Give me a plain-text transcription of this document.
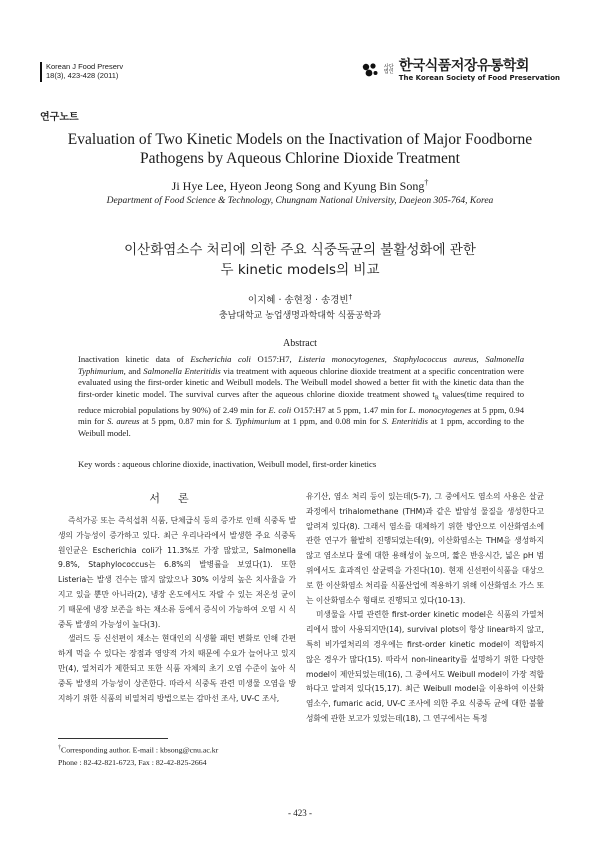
Korean J Food Preserv
18(3), 423-428 (2011)
사단법인 한국식품저장유통학회
The Korean Society of Food Preservation
연구노트
Evaluation of Two Kinetic Models on the Inactivation of Major Foodborne
Pathogens by Aqueous Chlorine Dioxide Treatment
Ji Hye Lee, Hyeon Jeong Song and Kyung Bin Song†
Department of Food Science & Technology, Chungnam National University, Daejeon 305-764, Korea
이산화염소수 처리에 의한 주요 식중독균의 불활성화에 관한
두 kinetic models의 비교
이지혜 · 송현정 · 송경빈†
충남대학교 농업생명과학대학 식품공학과
Abstract
Inactivation kinetic data of Escherichia coli O157:H7, Listeria monocytogenes, Staphylococcus aureus, Salmonella Typhimurium, and Salmonella Enteritidis via treatment with aqueous chlorine dioxide treatment at a specific concentration were evaluated using the first-order kinetic and Weibull models. The Weibull model showed a better fit with the kinetic data than the first-order kinetic model. The survival curves after the aqueous chlorine dioxide treatment showed $t_R$ values(time required to reduce microbial populations by 90%) of 2.49 min for E. coli O157:H7 at 5 ppm, 1.47 min for L. monocytogenes at 5 ppm, 0.94 min for S. aureus at 5 ppm, 0.87 min for S. Typhimurium at 1 ppm, and 0.08 min for S. Enteritidis at 1 ppm, according to the Weibull model.
Key words : aqueous chlorine dioxide, inactivation, Weibull model, first-order kinetics
서론

즉석가공 또는 즉석섭취 식품, 단체급식 등의 증가로 인해 식중독 발생의 가능성이 증가하고 있다. 최근 우리나라에서 발생한 주요 식중독 원인균은 Escherichia coli가 11.3%로 가장 많았고, Salmonella 9.8%, Staphylococcus는 6.8%의 발병률을 보였다(1). 또한 Listeria는 발생 건수는 많지 않았으나 30% 이상의 높은 치사율을 가지고 있을 뿐만 아니라(2), 냉장 온도에서도 자랄 수 있는 저온성 균이기 때문에 냉장 보존을 하는 채소류 등에서 증식이 가능하여 오염 시 식중독 발생의 가능성이 높다(3).

샐러드 등 신선편이 채소는 현대인의 식생활 패턴 변화로 인해 간편하게 먹을 수 있다는 장점과 영양적 가치 때문에 수요가 늘어나고 있지만(4), 열처리가 제한되고 또한 식품 자체의 초기 오염 수준이 높아 식중독 발생의 가능성이 상존한다. 따라서 식중독 관련 미생물 오염을 방지하기 위한 식품의 비열처리 방법으로는 감마선 조사, UV-C 조사,

유기산, 염소 처리 등이 있는데(5-7), 그 중에서도 염소의 사용은 살균과정에서 trihalomethane (THM)과 같은 발암성 물질을 생성한다고 알려져 있다(8). 그래서 염소를 대체하기 위한 방안으로 이산화염소에 관한 연구가 활발히 진행되었는데(9), 이산화염소는 THM을 생성하지 않고 염소보다 물에 대한 용해성이 높으며, 짧은 반응시간, 넓은 pH 범위에서도 효과적인 살균력을 가진다(10). 현재 신선편이식품을 대상으로 한 이산화염소 처리를 식품산업에 적용하기 위해 이산화염소 가스 또는 이산화염소수 형태로 진행되고 있다(10-13).

미생물을 사멸 관련한 first-order kinetic model은 식품의 가열처리에서 많이 사용되지만(14), survival plots이 항상 linear하지 않고, 특히 비가열처리의 경우에는 first-order kinetic model이 적합하지 않은 경우가 많다(15). 따라서 non-linearity를 설명하기 위한 다양한 model이 제안되었는데(16), 그 중에서도 Weibull model이 가장 적합하다고 알려져 있다(15,17). 최근 Weibull model을 이용하여 이산화염소수, fumaric acid, UV-C 조사에 의한 주요 식중독 균에 대한 불활성화에 관한 보고가 있었는데(18), 그 연구에서는 특정

†Corresponding author. E-mail : kbsong@cnu.ac.kr
Phone : 82-42-821-6723, Fax : 82-42-825-2664
- 423 -
